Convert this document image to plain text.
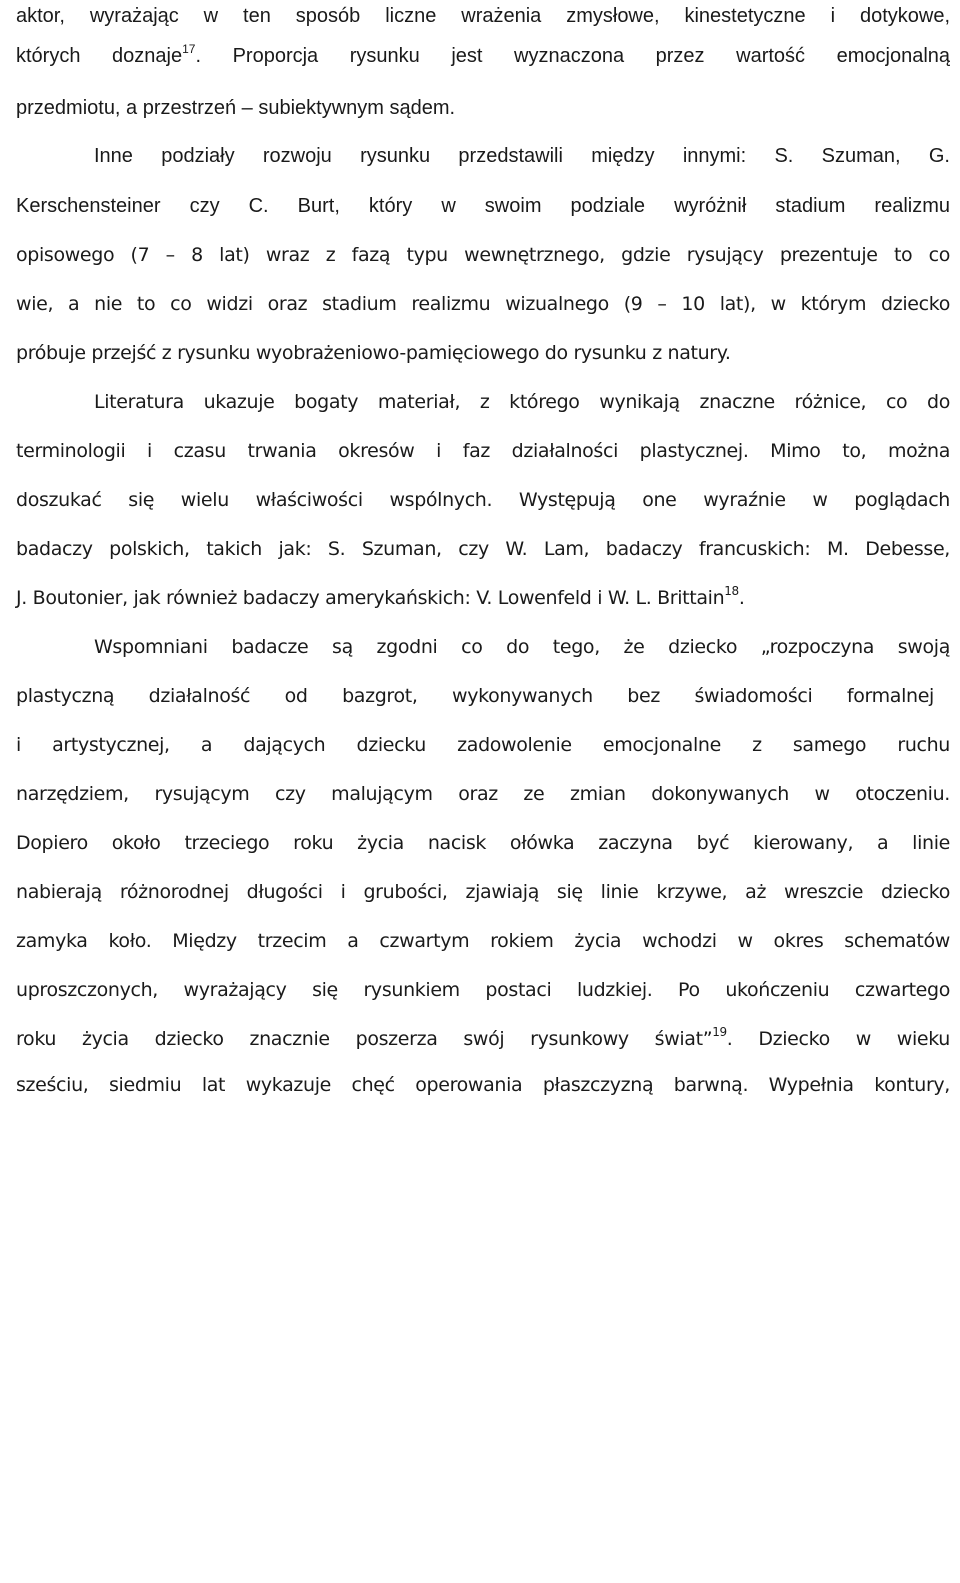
aktor, wyrażając w ten sposób liczne wrażenia zmysłowe, kinestetyczne i dotykowe,
których doznaje$^{17}$. Proporcja rysunku jest wyznaczona przez wartość emocjonalną
przedmiotu, a przestrzeń – subiektywnym sądem.
Inne podziały rozwoju rysunku przedstawili między innymi: S. Szuman, G.
Kerschensteiner czy C. Burt, który w swoim podziale wyróżnił stadium realizmu
opisowego (7 – 8 lat) wraz z fazą typu wewnętrznego, gdzie rysujący prezentuje to co
wie, a nie to co widzi oraz stadium realizmu wizualnego (9 – 10 lat), w którym dziecko
próbuje przejść z rysunku wyobrażeniowo-pamięciowego do rysunku z natury.
Literatura ukazuje bogaty materiał, z którego wynikają znaczne różnice, co do
terminologii i czasu trwania okresów i faz działalności plastycznej. Mimo to, można
doszukać się wielu właściwości wspólnych. Występują one wyraźnie w poglądach
badaczy polskich, takich jak: S. Szuman, czy W. Lam, badaczy francuskich: M. Debesse,
J. Boutonier, jak również badaczy amerykańskich: V. Lowenfeld i W. L. Brittain$^{18}$.
Wspomniani badacze są zgodni co do tego, że dziecko „rozpoczyna swoją
plastyczną działalność od bazgrot, wykonywanych bez świadomości formalnej
i artystycznej, a dających dziecku zadowolenie emocjonalne z samego ruchu
narzędziem, rysującym czy malującym oraz ze zmian dokonywanych w otoczeniu.
Dopiero około trzeciego roku życia nacisk ołówka zaczyna być kierowany, a linie
nabierają różnorodnej długości i grubości, zjawiają się linie krzywe, aż wreszcie dziecko
zamyka koło. Między trzecim a czwartym rokiem życia wchodzi w okres schematów
uproszczonych, wyrażający się rysunkiem postaci ludzkiej. Po ukończeniu czwartego
roku życia dziecko znacznie poszerza swój rysunkowy świat”$^{19}$. Dziecko w wieku
sześciu, siedmiu lat wykazuje chęć operowania płaszczyzną barwną. Wypełnia kontury,
